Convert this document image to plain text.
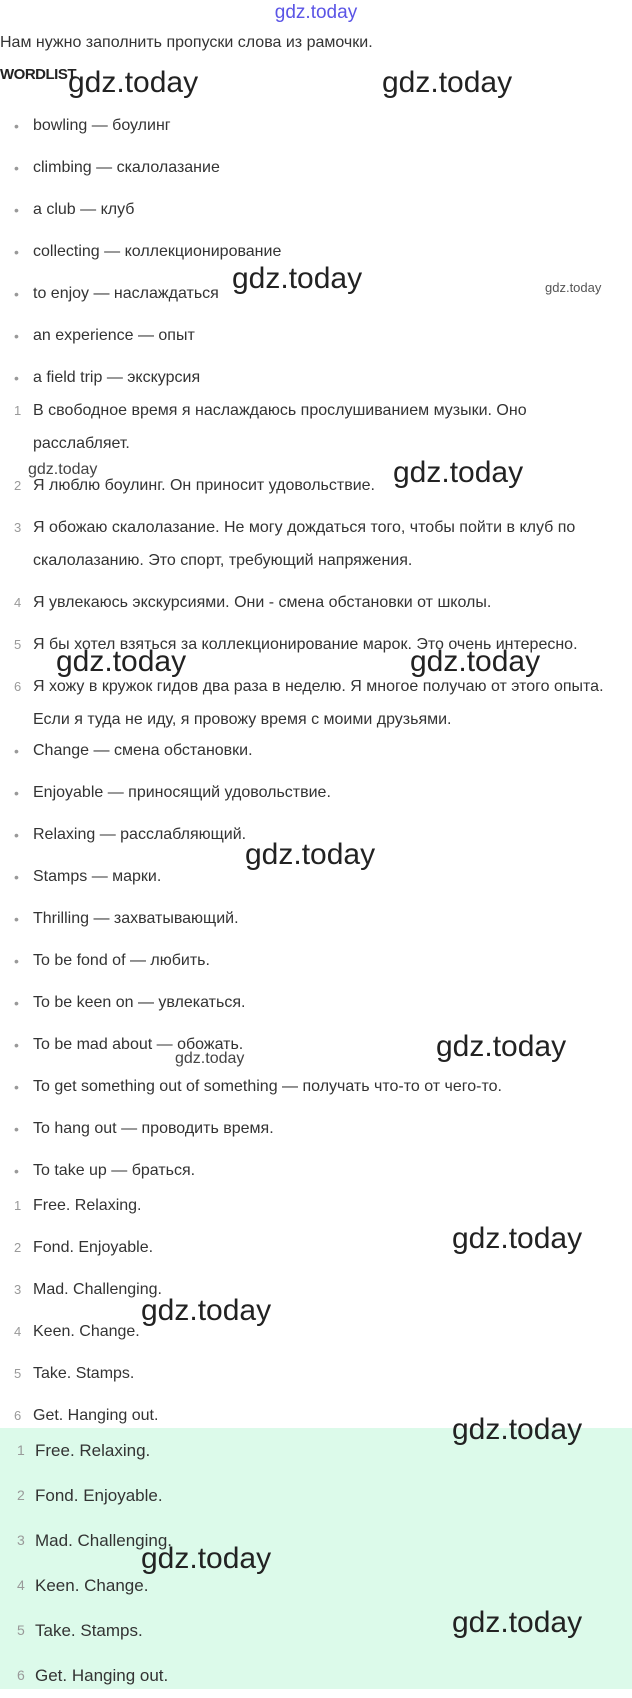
gdz.today
Нам нужно заполнить пропуски слова из рамочки.
WORDLIST
• bowling — боулинг
• climbing — скалолазание
• a club — клуб
• collecting — коллекционирование
• to enjoy — наслаждаться
• an experience — опыт
• a field trip — экскурсия
1 В свободное время я наслаждаюсь прослушиванием музыки. Оно расслабляет.
2 Я люблю боулинг. Он приносит удовольствие.
3 Я обожаю скалолазание. Не могу дождаться того, чтобы пойти в клуб по скалолазанию. Это спорт, требующий напряжения.
4 Я увлекаюсь экскурсиями. Они - смена обстановки от школы.
5 Я бы хотел взяться за коллекционирование марок. Это очень интересно.
6 Я хожу в кружок гидов два раза в неделю. Я многое получаю от этого опыта. Если я туда не иду, я провожу время с моими друзьями.
• Change — смена обстановки.
• Enjoyable — приносящий удовольствие.
• Relaxing — расслабляющий.
• Stamps — марки.
• Thrilling — захватывающий.
• To be fond of — любить.
• To be keen on — увлекаться.
• To be mad about — обожать.
• To get something out of something — получать что-то от чего-то.
• To hang out — проводить время.
• To take up — браться.
1 Free. Relaxing.
2 Fond. Enjoyable.
3 Mad. Challenging.
4 Keen. Change.
5 Take. Stamps.
6 Get. Hanging out.
1 Free. Relaxing.
2 Fond. Enjoyable.
3 Mad. Challenging.
4 Keen. Change.
5 Take. Stamps.
6 Get. Hanging out.
gdz.today	gdz.today
gdz.today	gdz.today
gdz.today	gdz.today
gdz.today	gdz.today
gdz.today
gdz.today
gdz.today
gdz.today
gdz.today
gdz.today
gdz.today
gdz.today
